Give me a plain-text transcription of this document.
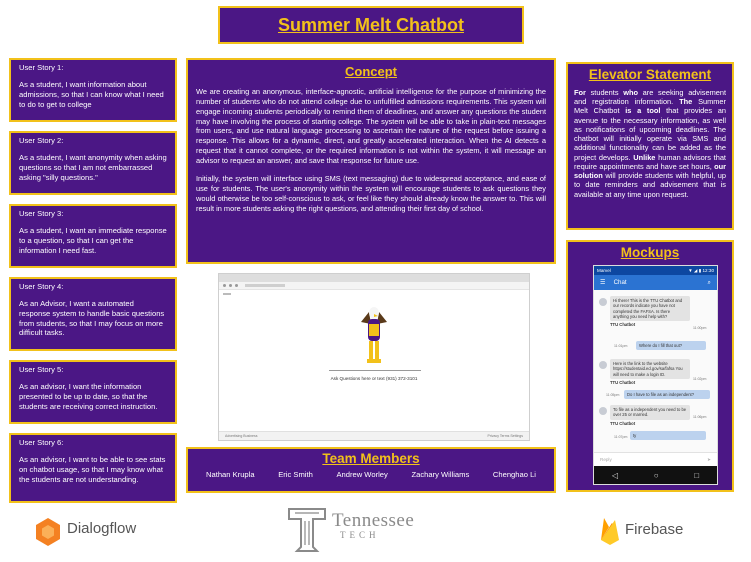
Summer Melt Chatbot
User Story 1:
As a student, I want information about admissions, so that I can know what I need to do to get to college
User Story 2:
As a student, I want anonymity when asking questions so that I am not embarrassed asking "silly questions."
User Story 3:
As a student, I want an immediate response to a question, so that I can get the information I need fast.
User Story 4:
As an Advisor, I want a automated response system to handle basic questions from students, so that I may focus on more difficult tasks.
User Story 5:
As an advisor, I want the information presented to be up to date, so that the students are receiving correct instruction.
User Story 6:
As an advisor, I want to be able to see stats on chatbot usage, so that I may know what the students are not understanding.
Concept

We are creating an anonymous, interface-agnostic, artificial intelligence for the purpose of minimizing the number of students who do not attend college due to unfulfilled admissions requirements. This system will engage incoming students periodically to remind them of deadlines, and answer any questions the student may have involving the process of starting college. The system will be able to take in plain-text messages from users, and use natural language processing to ascertain the nature of the request before issuing a response. This allows for a dynamic, direct, and greatly accelerated interaction. When the AI detects a request that it cannot complete, or the required information is not within the system, it will message an advisor to request an answer, and save that response for future use.

Initially, the system will interface using SMS (text messaging) due to widespread acceptance, and ease of use for students. The user's anonymity within the system will encourage students to ask questions they would otherwise be too self-conscious to ask, or feel like they should already know the answer to. This will result in more students asking the right questions, and attending their first day of school.

Ask Questions here or text (931) 372-3101
Advertising Business	Privacy Terms Settings
Team Members
Nathan Krupla	Eric Smith	Andrew Worley	Zachary Williams	Chenghao Li
Elevator Statement
For students who are seeking advisement and registration information. The Summer Melt Chatbot is a tool that provides an avenue to the necessary information, as well as notifications of upcoming deadlines. The chatbot will initially operate via SMS and additional functionality can be added as the project develops. Unlike human advisors that require appointments and have set hours, our solution will provide students with helpful, up to date reminders and advisement that is available at any time upon request.
Mockups
Marvel	▼ ◢ ▮ 12:30
☰ Chat	⌕
Hi there! This is the TTU Chatbot and our records indicate you have not completed the FAFSA. Is there anything you need help with?
TTU Chatbot
11:00pm
11:01pm	Where do I fill that out?
Here is the link to the website https://studentaid.ed.gov/sa/fafsa You will need to make a login ID.
TTU Chatbot
11:02pm
11:05pm	Do I have to file as an independent?
To file as a independent you need to be over 25 or married.
TTU Chatbot
11:06pm
11:07pm	ty
Reply	➤
◁	○	□
Dialogflow	Tennessee
TECH	Firebase
